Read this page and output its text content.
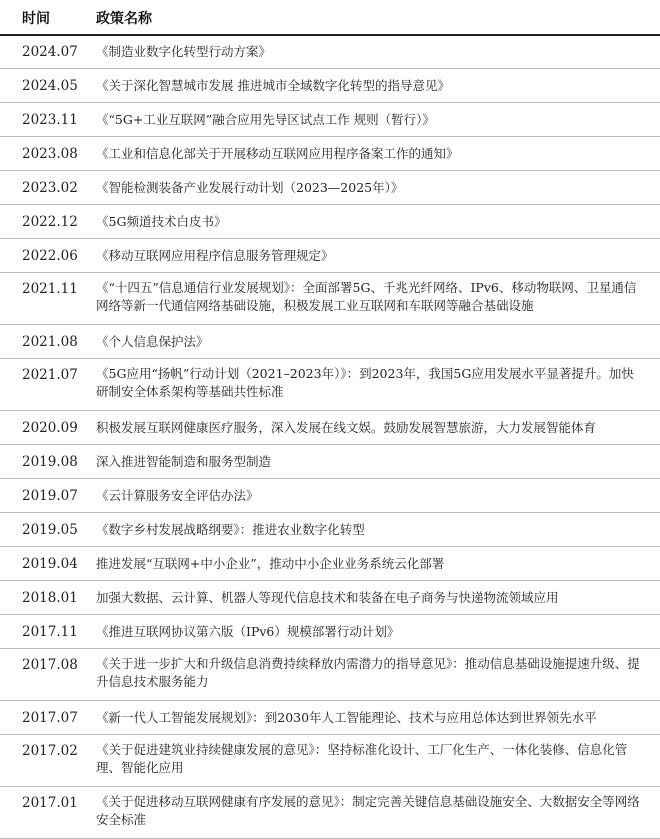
时间	政策名称
2024.07 《制造业数字化转型行动方案》
2024.05 《关于深化智慧城市发展 推进城市全域数字化转型的指导意见》
2023.11 《“5G+工业互联网”融合应用先导区试点工作 规则（暂行）》
2023.08 《工业和信息化部关于开展移动互联网应用程序备案工作的通知》
2023.02 《智能检测装备产业发展行动计划（2023—2025年）》
2022.12 《5G频道技术白皮书》
2022.06 《移动互联网应用程序信息服务管理规定》
2021.11 《“十四五”信息通信行业发展规划》：全面部署5G、千兆光纤网络、IPv6、移动物联网、卫星通信网络等新一代通信网络基础设施，积极发展工业互联网和车联网等融合基础设施
2021.08 《个人信息保护法》
2021.07 《5G应用“扬帆”行动计划（2021–2023年）》：到2023年，我国5G应用发展水平显著提升。加快研制安全体系架构等基础共性标准
2020.09 积极发展互联网健康医疗服务，深入发展在线文娱。鼓励发展智慧旅游，大力发展智能体育
2019.08 深入推进智能制造和服务型制造
2019.07 《云计算服务安全评估办法》
2019.05 《数字乡村发展战略纲要》：推进农业数字化转型
2019.04 推进发展“互联网+中小企业”，推动中小企业业务系统云化部署
2018.01 加强大数据、云计算、机器人等现代信息技术和装备在电子商务与快递物流领域应用
2017.11 《推进互联网协议第六版（IPv6）规模部署行动计划》
2017.08 《关于进一步扩大和升级信息消费持续释放内需潜力的指导意见》：推动信息基础设施提速升级、提升信息技术服务能力
2017.07 《新一代人工智能发展规划》：到2030年人工智能理论、技术与应用总体达到世界领先水平
2017.02 《关于促进建筑业持续健康发展的意见》：坚持标准化设计、工厂化生产、一体化装修、信息化管理、智能化应用
2017.01 《关于促进移动互联网健康有序发展的意见》：制定完善关键信息基础设施安全、大数据安全等网络安全标准
